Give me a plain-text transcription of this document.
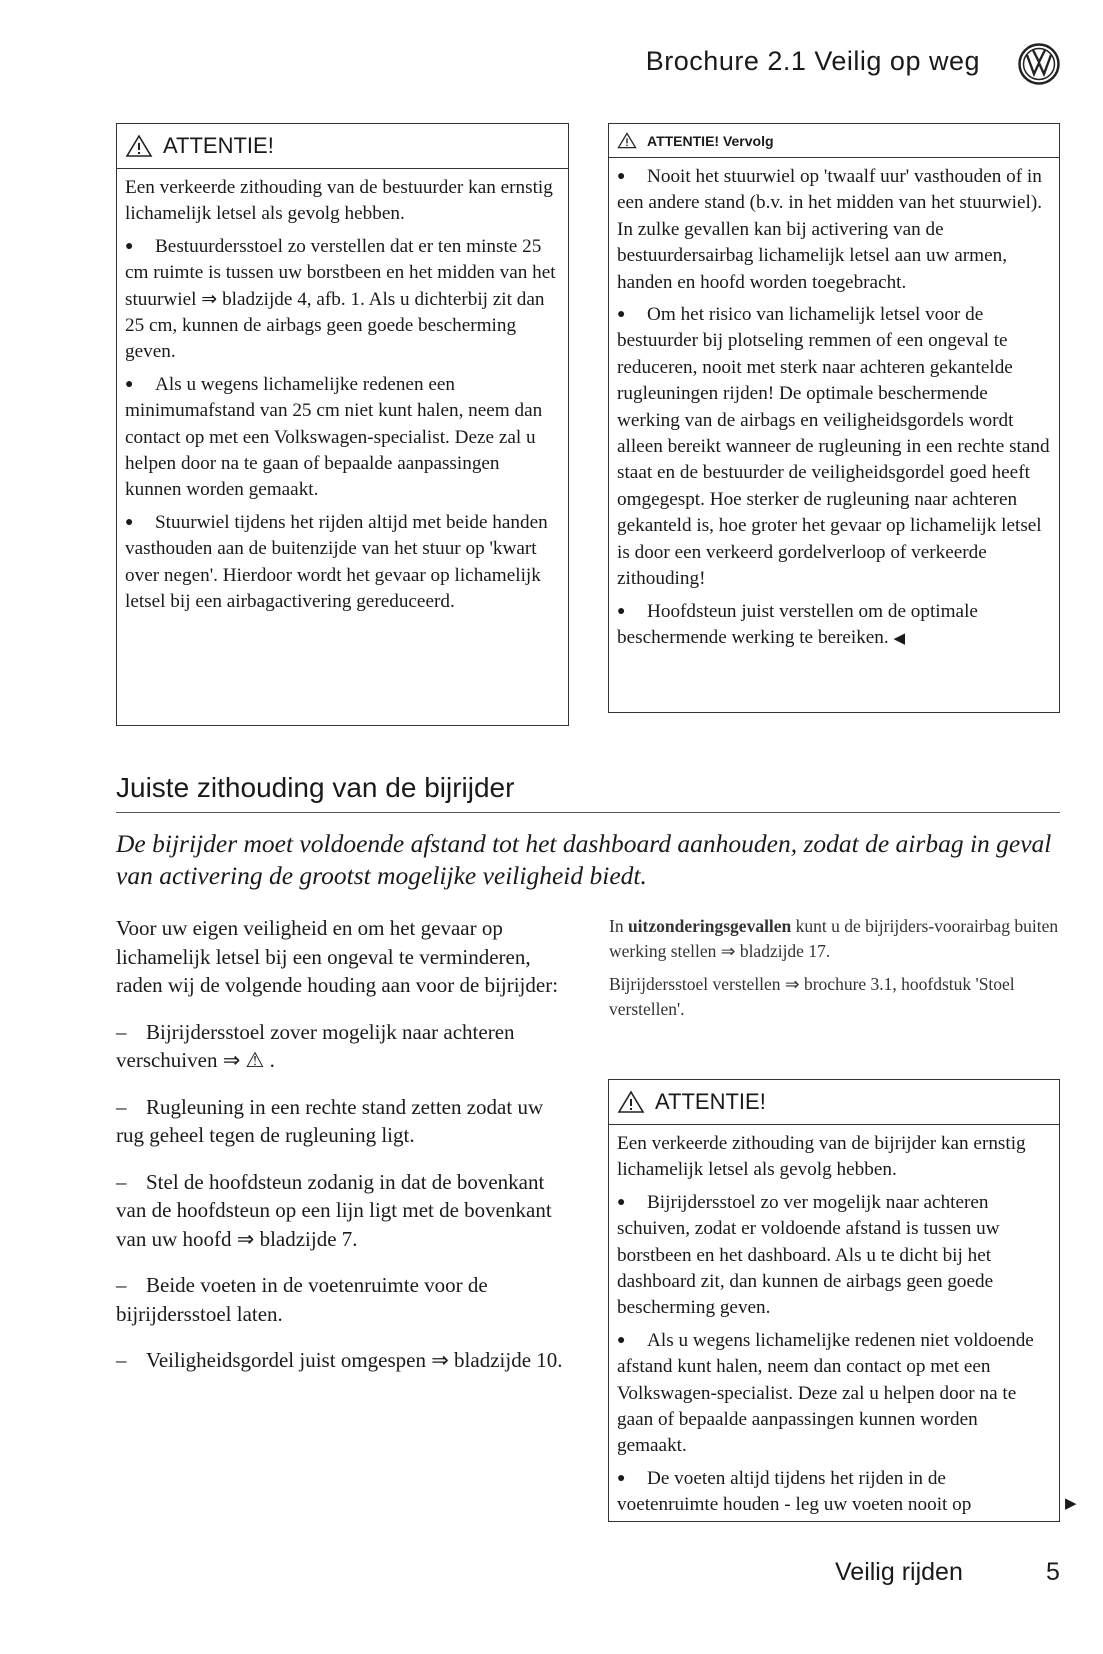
Brochure 2.1 Veilig op weg
ATTENTIE!

Een verkeerde zithouding van de bestuurder kan ernstig lichamelijk letsel als gevolg hebben.

● Bestuurdersstoel zo verstellen dat er ten minste 25 cm ruimte is tussen uw borstbeen en het midden van het stuurwiel ⇒ bladzijde 4, afb. 1. Als u dichterbij zit dan 25 cm, kunnen de airbags geen goede bescherming geven.

● Als u wegens lichamelijke redenen een minimumafstand van 25 cm niet kunt halen, neem dan contact op met een Volkswagen-specialist. Deze zal u helpen door na te gaan of bepaalde aanpassingen kunnen worden gemaakt.

● Stuurwiel tijdens het rijden altijd met beide handen vasthouden aan de buitenzijde van het stuur op 'kwart over negen'. Hierdoor wordt het gevaar op lichamelijk letsel bij een airbagactivering gereduceerd.

ATTENTIE! Vervolg

● Nooit het stuurwiel op 'twaalf uur' vasthouden of in een andere stand (b.v. in het midden van het stuurwiel). In zulke gevallen kan bij activering van de bestuurdersairbag lichamelijk letsel aan uw armen, handen en hoofd worden toegebracht.

● Om het risico van lichamelijk letsel voor de bestuurder bij plotseling remmen of een ongeval te reduceren, nooit met sterk naar achteren gekantelde rugleuningen rijden! De optimale beschermende werking van de airbags en veiligheidsgordels wordt alleen bereikt wanneer de rugleuning in een rechte stand staat en de bestuurder de veiligheidsgordel goed heeft omgegespt. Hoe sterker de rugleuning naar achteren gekanteld is, hoe groter het gevaar op lichamelijk letsel is door een verkeerd gordelverloop of verkeerde zithouding!

● Hoofdsteun juist verstellen om de optimale beschermende werking te bereiken. ◀

Juiste zithouding van de bijrijder
De bijrijder moet voldoende afstand tot het dashboard aanhouden, zodat de airbag in geval van activering de grootst mogelijke veiligheid biedt.

Voor uw eigen veiligheid en om het gevaar op lichamelijk letsel bij een ongeval te verminderen, raden wij de volgende houding aan voor de bijrijder:

– Bijrijdersstoel zover mogelijk naar achteren verschuiven ⇒ ⚠ .

– Rugleuning in een rechte stand zetten zodat uw rug geheel tegen de rugleuning ligt.

– Stel de hoofdsteun zodanig in dat de bovenkant van de hoofdsteun op een lijn ligt met de bovenkant van uw hoofd ⇒ bladzijde 7.

– Beide voeten in de voetenruimte voor de bijrijdersstoel laten.

– Veiligheidsgordel juist omgespen ⇒ bladzijde 10.

In uitzonderingsgevallen kunt u de bijrijders-voorairbag buiten werking stellen ⇒ bladzijde 17.

Bijrijdersstoel verstellen ⇒ brochure 3.1, hoofdstuk 'Stoel verstellen'.

ATTENTIE!

Een verkeerde zithouding van de bijrijder kan ernstig lichamelijk letsel als gevolg hebben.

● Bijrijdersstoel zo ver mogelijk naar achteren schuiven, zodat er voldoende afstand is tussen uw borstbeen en het dashboard. Als u te dicht bij het dashboard zit, dan kunnen de airbags geen goede bescherming geven.

● Als u wegens lichamelijke redenen niet voldoende afstand kunt halen, neem dan contact op met een Volkswagen-specialist. Deze zal u helpen door na te gaan of bepaalde aanpassingen kunnen worden gemaakt.

● De voeten altijd tijdens het rijden in de voetenruimte houden - leg uw voeten nooit op	▶
Veilig rijden	5
